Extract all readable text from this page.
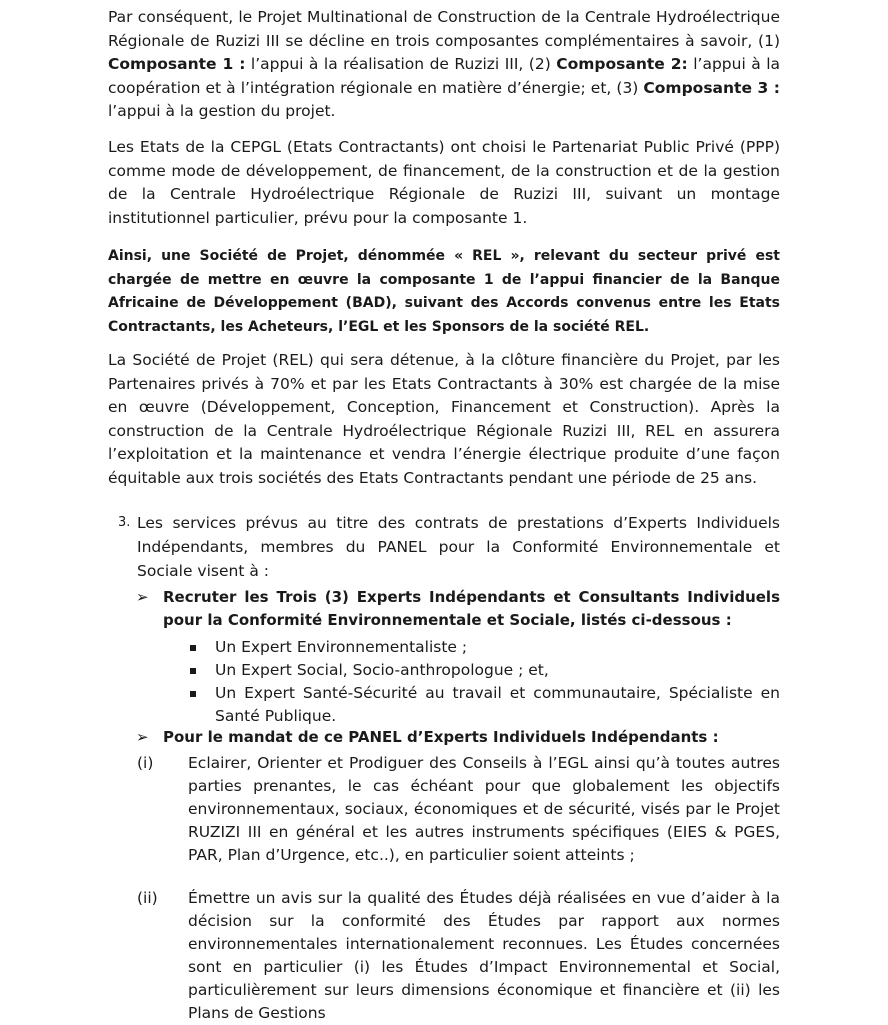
Par conséquent, le Projet Multinational de Construction de la Centrale Hydroélectrique Régionale de Ruzizi III se décline en trois composantes complémentaires à savoir, (1) Composante 1 : l’appui à la réalisation de Ruzizi III, (2) Composante 2: l’appui à la coopération et à l’intégration régionale en matière d’énergie; et, (3) Composante 3 : l’appui à la gestion du projet.
Les Etats de la CEPGL (Etats Contractants) ont choisi le Partenariat Public Privé (PPP) comme mode de développement, de financement, de la construction et de la gestion de la Centrale Hydroélectrique Régionale de Ruzizi III, suivant un montage institutionnel particulier, prévu pour la composante 1.
Ainsi, une Société de Projet, dénommée « REL », relevant du secteur privé est chargée de mettre en œuvre la composante 1 de l’appui financier de la Banque Africaine de Développement (BAD), suivant des Accords convenus entre les Etats Contractants, les Acheteurs, l’EGL et les Sponsors de la société REL.
La Société de Projet (REL) qui sera détenue, à la clôture financière du Projet, par les Partenaires privés à 70% et par les Etats Contractants à 30% est chargée de la mise en œuvre (Développement, Conception, Financement et Construction). Après la construction de la Centrale Hydroélectrique Régionale Ruzizi III, REL en assurera l’exploitation et la maintenance et vendra l’énergie électrique produite d’une façon équitable aux trois sociétés des Etats Contractants pendant une période de 25 ans.
3. Les services prévus au titre des contrats de prestations d’Experts Individuels Indépendants, membres du PANEL pour la Conformité Environnementale et Sociale visent à :
➢ Recruter les Trois (3) Experts Indépendants et Consultants Individuels pour la Conformité Environnementale et Sociale, listés ci-dessous :
Un Expert Environnementaliste ;
Un Expert Social, Socio-anthropologue ; et,
Un Expert Santé-Sécurité au travail et communautaire, Spécialiste en Santé Publique.
➢ Pour le mandat de ce PANEL d’Experts Individuels Indépendants :
(i) Eclairer, Orienter et Prodiguer des Conseils à l’EGL ainsi qu’à toutes autres parties prenantes, le cas échéant pour que globalement les objectifs environnementaux, sociaux, économiques et de sécurité, visés par le Projet RUZIZI III en général et les autres instruments spécifiques (EIES & PGES, PAR, Plan d’Urgence, etc..), en particulier soient atteints ;
(ii) Émettre un avis sur la qualité des Études déjà réalisées en vue d’aider à la décision sur la conformité des Études par rapport aux normes environnementales internationalement reconnues. Les Études concernées sont en particulier (i) les Études d’Impact Environnemental et Social, particulièrement sur leurs dimensions économique et financière et (ii) les Plans de Gestions
